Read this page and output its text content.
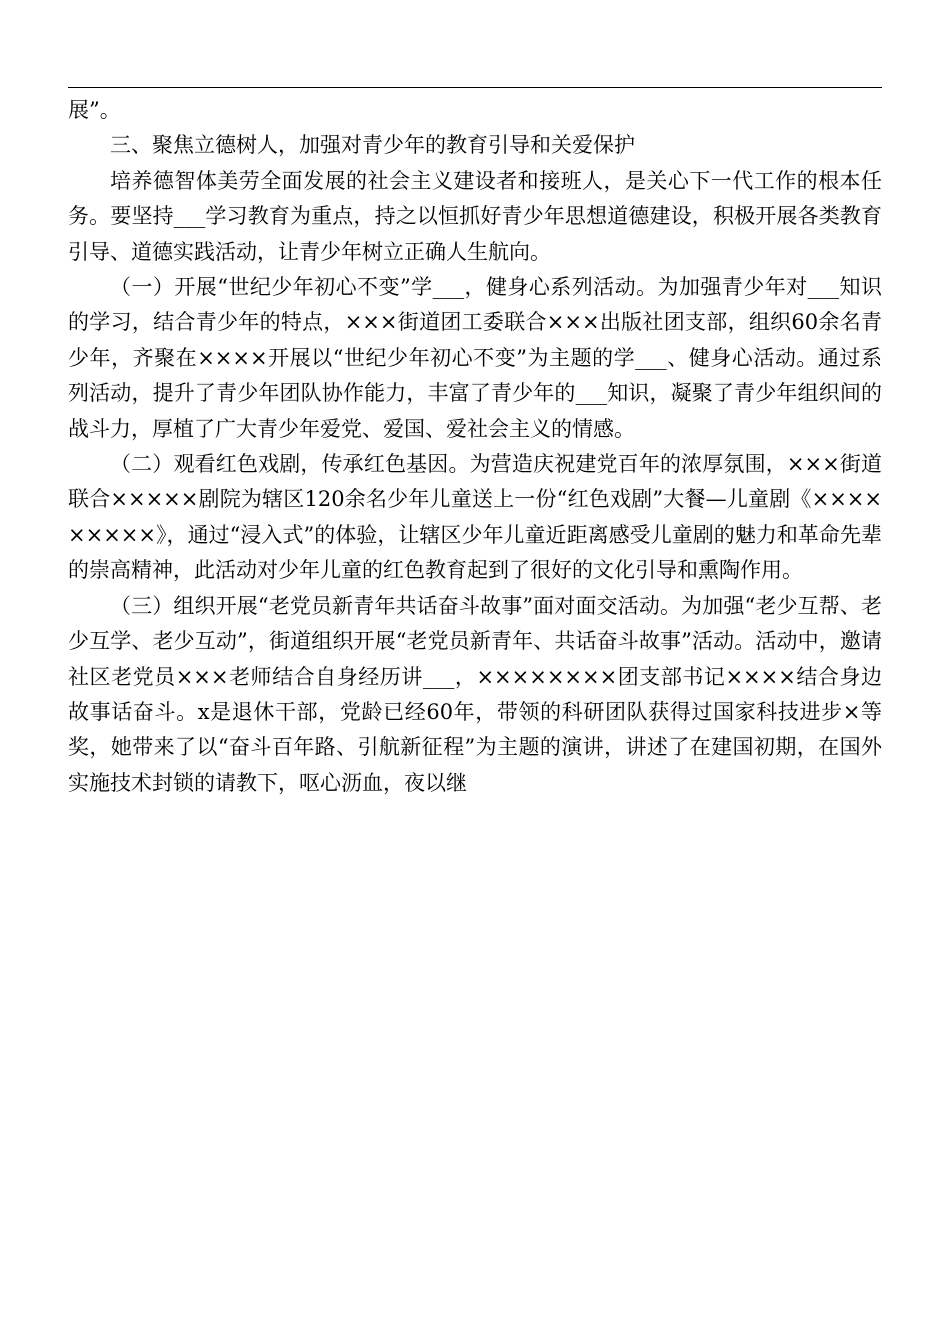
展”。

三、聚焦立德树人，加强对青少年的教育引导和关爱保护

培养德智体美劳全面发展的社会主义建设者和接班人，是关心下一代工作的根本任务。要坚持___学习教育为重点，持之以恒抓好青少年思想道德建设，积极开展各类教育引导、道德实践活动，让青少年树立正确人生航向。

（一）开展“世纪少年初心不变”学___，健身心系列活动。为加强青少年对___知识的学习，结合青少年的特点，×××街道团工委联合×××出版社团支部，组织60余名青少年，齐聚在××××开展以“世纪少年初心不变”为主题的学___、健身心活动。通过系列活动，提升了青少年团队协作能力，丰富了青少年的___知识，凝聚了青少年组织间的战斗力，厚植了广大青少年爱党、爱国、爱社会主义的情感。

（二）观看红色戏剧，传承红色基因。为营造庆祝建党百年的浓厚氛围，×××街道联合×××××剧院为辖区120余名少年儿童送上一份“红色戏剧”大餐—儿童剧《×××××××××》，通过“浸入式”的体验，让辖区少年儿童近距离感受儿童剧的魅力和革命先辈的崇高精神，此活动对少年儿童的红色教育起到了很好的文化引导和熏陶作用。

（三）组织开展“老党员新青年共话奋斗故事”面对面交活动。为加强“老少互帮、老少互学、老少互动”，街道组织开展“老党员新青年、共话奋斗故事”活动。活动中，邀请社区老党员×××老师结合自身经历讲___，××××××××团支部书记××××结合身边故事话奋斗。x是退休干部，党龄已经60年，带领的科研团队获得过国家科技进步×等奖，她带来了以“奋斗百年路、引航新征程”为主题的演讲，讲述了在建国初期，在国外实施技术封锁的请教下，呕心沥血，夜以继
